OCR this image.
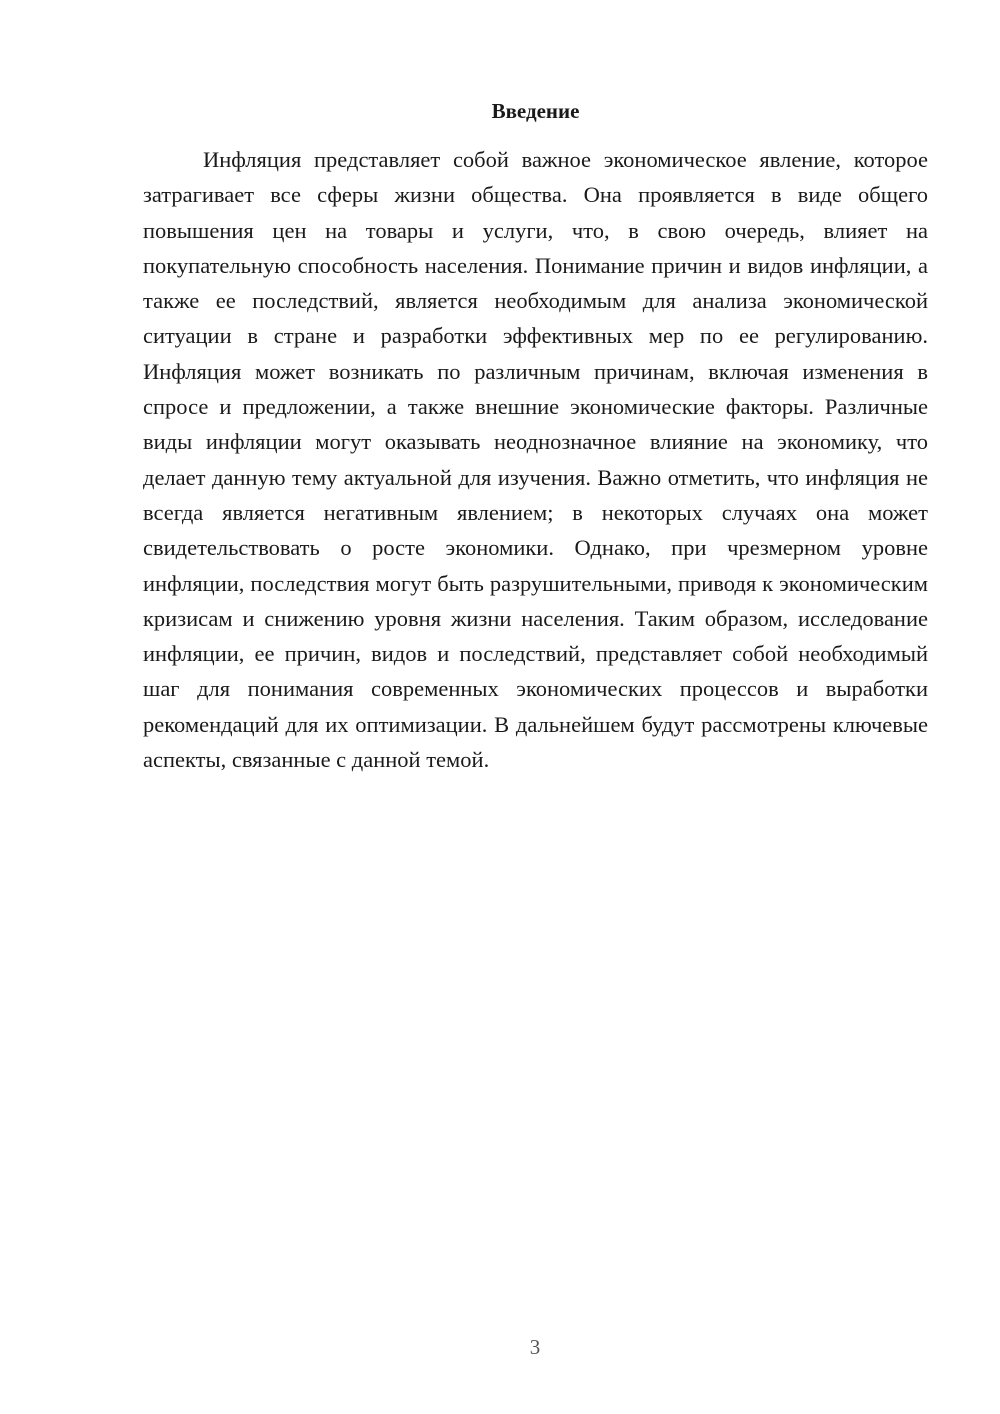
Введение

Инфляция представляет собой важное экономическое явление, которое затрагивает все сферы жизни общества. Она проявляется в виде общего повышения цен на товары и услуги, что, в свою очередь, влияет на покупательную способность населения. Понимание причин и видов инфляции, а также ее последствий, является необходимым для анализа экономической ситуации в стране и разработки эффективных мер по ее регулированию. Инфляция может возникать по различным причинам, включая изменения в спросе и предложении, а также внешние экономические факторы. Различные виды инфляции могут оказывать неоднозначное влияние на экономику, что делает данную тему актуальной для изучения. Важно отметить, что инфляция не всегда является негативным явлением; в некоторых случаях она может свидетельствовать о росте экономики. Однако, при чрезмерном уровне инфляции, последствия могут быть разрушительными, приводя к экономическим кризисам и снижению уровня жизни населения. Таким образом, исследование инфляции, ее причин, видов и последствий, представляет собой необходимый шаг для понимания современных экономических процессов и выработки рекомендаций для их оптимизации. В дальнейшем будут рассмотрены ключевые аспекты, связанные с данной темой.

3
